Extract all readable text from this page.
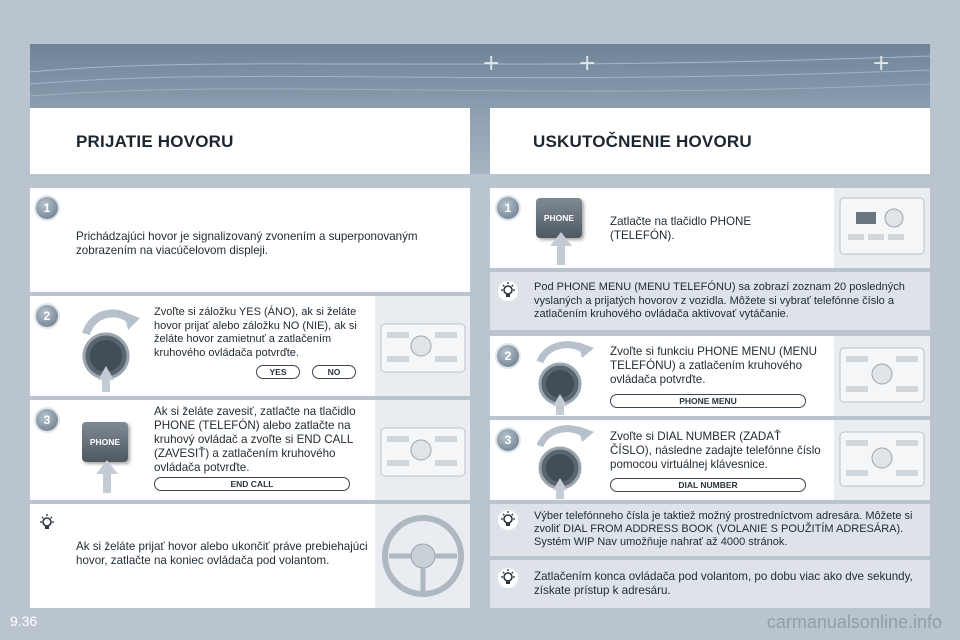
+	+	+
PRIJATIE HOVORU	USKUTOČNENIE HOVORU
1
Prichádzajúci hovor je signalizovaný zvonením a superponovaným zobrazením na viacúčelovom displeji.
2	Zvoľte si záložku YES (ÁNO), ak si želáte hovor prijať alebo záložku NO (NIE), ak si želáte hovor zamietnuť a zatlačením kruhového ovládača potvrďte.
YES	NO
3
PHONE
Ak si želáte zavesiť, zatlačte na tlačidlo PHONE (TELEFÓN) alebo zatlačte na kruhový ovládač a zvoľte si END CALL (ZAVESIŤ) a zatlačením kruhového ovládača potvrďte.
END CALL
Ak si želáte prijať hovor alebo ukončiť práve prebiehajúci hovor, zatlačte na koniec ovládača pod volantom.
1
PHONE	Zatlačte na tlačidlo PHONE (TELEFÓN).
Pod PHONE MENU (MENU TELEFÓNU) sa zobrazí zoznam 20 posledných vyslaných a prijatých hovorov z vozidla. Môžete si vybrať telefónne číslo a zatlačením kruhového ovládača aktivovať vytáčanie.
2	Zvoľte si funkciu PHONE MENU (MENU TELEFÓNU) a zatlačením kruhového ovládača potvrďte.
PHONE MENU
3	Zvoľte si DIAL NUMBER (ZADAŤ ČÍSLO), následne zadajte telefónne číslo pomocou virtuálnej klávesnice.
DIAL NUMBER
Výber telefónneho čísla je taktiež možný prostredníctvom adresára. Môžete si zvoliť DIAL FROM ADDRESS BOOK (VOLANIE S POUŽITÍM ADRESÁRA). Systém WIP Nav umožňuje nahrať až 4000 stránok.
Zatlačením konca ovládača pod volantom, po dobu viac ako dve sekundy, získate prístup k adresáru.
9.36	carmanualsonline.info
